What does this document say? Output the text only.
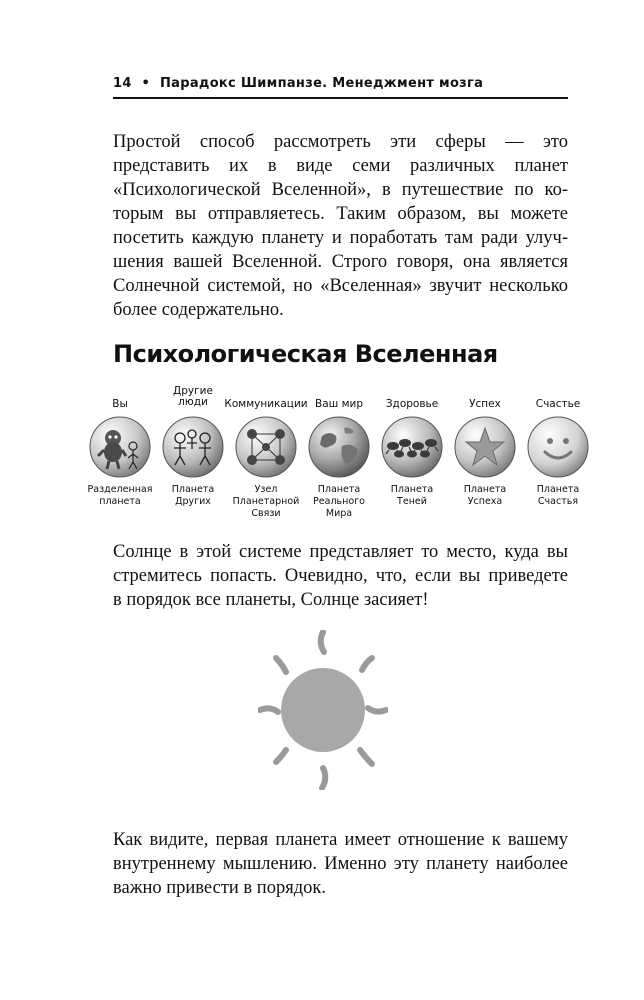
14 • Парадокс Шимпанзе. Менеджмент мозга

Простой способ рассмотреть эти сферы — это
представить их в виде семи различных планет
«Психологической Вселенной», в путешествие по ко-
торым вы отправляетесь. Таким образом, вы можете
посетить каждую планету и поработать там ради улуч-
шения вашей Вселенной. Строго говоря, она является
Солнечной системой, но «Вселенная» звучит несколько
более содержательно.

Психологическая Вселенная
Вы
Разделенная
планета
Другие
люди
Планета
Других
Коммуникации
Узел
Планетарной
Связи
Ваш мир
Планета
Реального Мира
Здоровье
Планета
Теней
Успех
Планета
Успеха
Счастье
Планета
Счастья

Солнце в этой системе представляет то место, куда вы
стремитесь попасть. Очевидно, что, если вы приведете
в порядок все планеты, Солнце засияет!

Как видите, первая планета имеет отношение к вашему
внутреннему мышлению. Именно эту планету наиболее
важно привести в порядок.
